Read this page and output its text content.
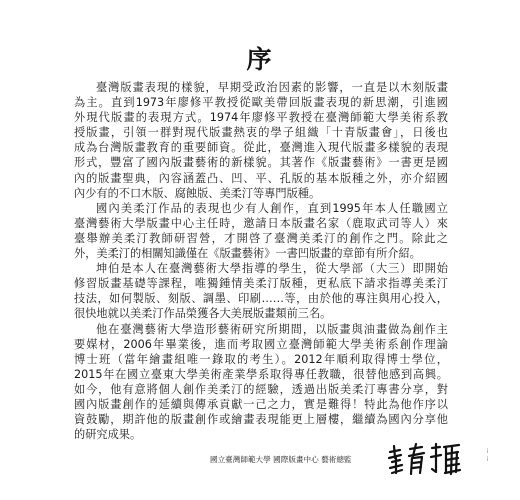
序
臺灣版畫表現的樣貌，早期受政治因素的影響，一直是以木刻版畫
為主。直到1973年廖修平教授從歐美帶回版畫表現的新思潮，引進國
外現代版畫的表現方式。1974年廖修平教授在臺灣師範大學美術系教
授版畫，引領一群對現代版畫熱衷的學子組織「十青版畫會」，日後也
成為台灣版畫教育的重要師資。從此，臺灣進入現代版畫多樣貌的表現
形式，豐富了國內版畫藝術的新樣貌。其著作《版畫藝術》一書更是國
內的版畫聖典，內容涵蓋凸、凹、平、孔版的基本版種之外，亦介紹國
內少有的不口木版、腐蝕版、美柔汀等專門版種。
國內美柔汀作品的表現也少有人創作，直到1995年本人任職國立
臺灣藝術大學版畫中心主任時，邀請日本版畫名家（鹿取武司等人）來
臺舉辦美柔汀教師研習營，才開啓了臺灣美柔汀的創作之門。除此之
外，美柔汀的相關知識僅在《版畫藝術》一書凹版畫的章節有所介紹。
坤伯是本人在臺灣藝術大學指導的學生，從大學部（大三）即開始
修習版畫基礎等課程，唯獨鍾情美柔汀版種，更私底下請求指導美柔汀
技法，如何製版、刻版、調墨、印刷……等，由於他的專注與用心投入，
很快地就以美柔汀作品榮獲各大美展版畫類前三名。
他在臺灣藝術大學造形藝術研究所期間，以版畫與油畫做為創作主
要媒材，2006年畢業後，進而考取國立臺灣師範大學美術系創作理論
博士班（當年繪畫組唯一錄取的考生）。2012年順利取得博士學位，
2015年在國立臺東大學美術產業學系取得專任教職，很替他感到高興。
如今，他有意將個人創作美柔汀的經驗，透過出版美柔汀專書分享，對
國內版畫創作的延續與傳承貢獻一己之力，實是難得！特此為他作序以
資鼓勵，期許他的版畫創作或繪畫表現能更上層樓，繼續為國內分享他
的研究成果。
國立臺灣師範大學 國際版畫中心 藝術總監	ⅰⅰ
